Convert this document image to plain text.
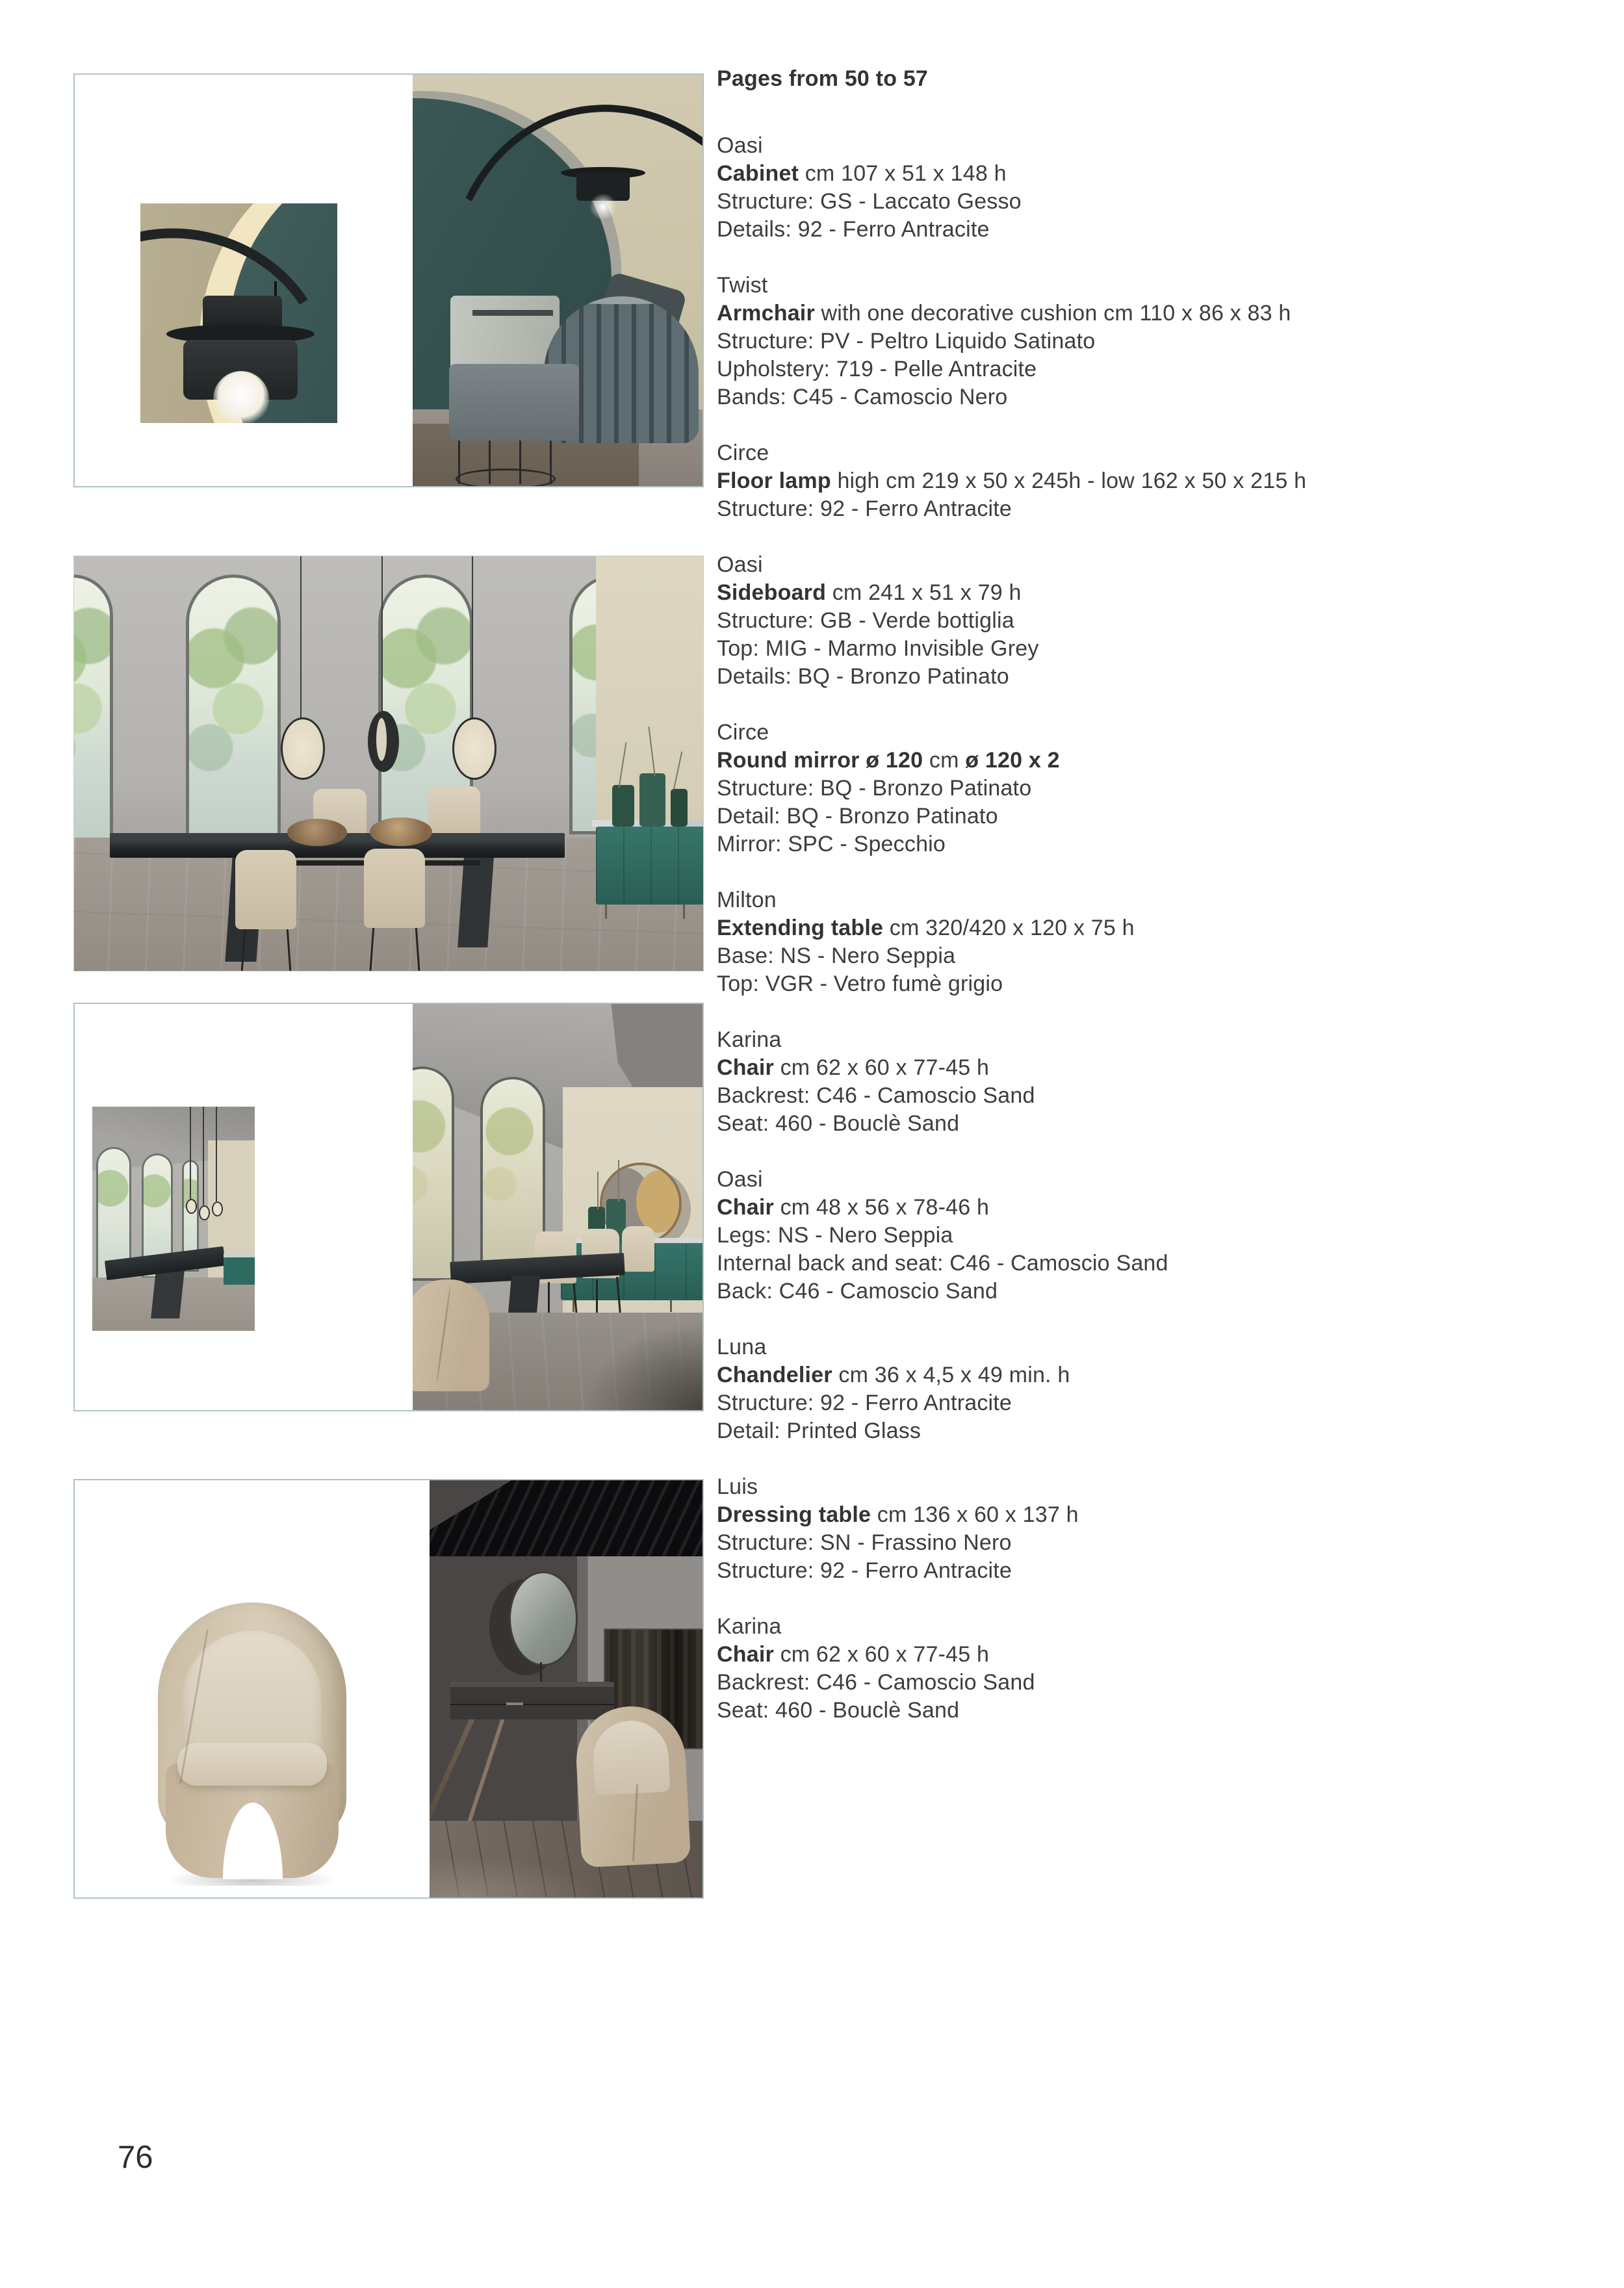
Pages from 50 to 57
Oasi
Cabinet cm 107 x 51 x 148 h
Structure: GS - Laccato Gesso
Details: 92 - Ferro Antracite
Twist
Armchair with one decorative cushion cm 110 x 86 x 83 h
Structure: PV - Peltro Liquido Satinato
Upholstery: 719 - Pelle Antracite
Bands: C45 - Camoscio Nero
Circe
Floor lamp high cm 219 x 50 x 245h - low 162 x 50 x 215 h
Structure: 92 - Ferro Antracite
Oasi
Sideboard cm 241 x 51 x 79 h
Structure: GB - Verde bottiglia
Top: MIG - Marmo Invisible Grey
Details: BQ - Bronzo Patinato
Circe
Round mirror ø 120 cm ø 120 x 2
Structure: BQ - Bronzo Patinato
Detail: BQ - Bronzo Patinato
Mirror: SPC - Specchio
Milton
Extending table cm 320/420 x 120 x 75 h
Base: NS - Nero Seppia
Top: VGR - Vetro fumè grigio
Karina
Chair cm 62 x 60 x 77-45 h
Backrest: C46 - Camoscio Sand
Seat: 460 - Bouclè Sand
Oasi
Chair cm 48 x 56 x 78-46 h
Legs: NS - Nero Seppia
Internal back and seat: C46 - Camoscio Sand
Back: C46 - Camoscio Sand
Luna
Chandelier cm 36 x 4,5 x 49 min. h
Structure: 92 - Ferro Antracite
Detail: Printed Glass
Luis
Dressing table cm 136 x 60 x 137 h
Structure: SN - Frassino Nero
Structure: 92 - Ferro Antracite
Karina
Chair cm 62 x 60 x 77-45 h
Backrest: C46 - Camoscio Sand
Seat: 460 - Bouclè Sand
76
